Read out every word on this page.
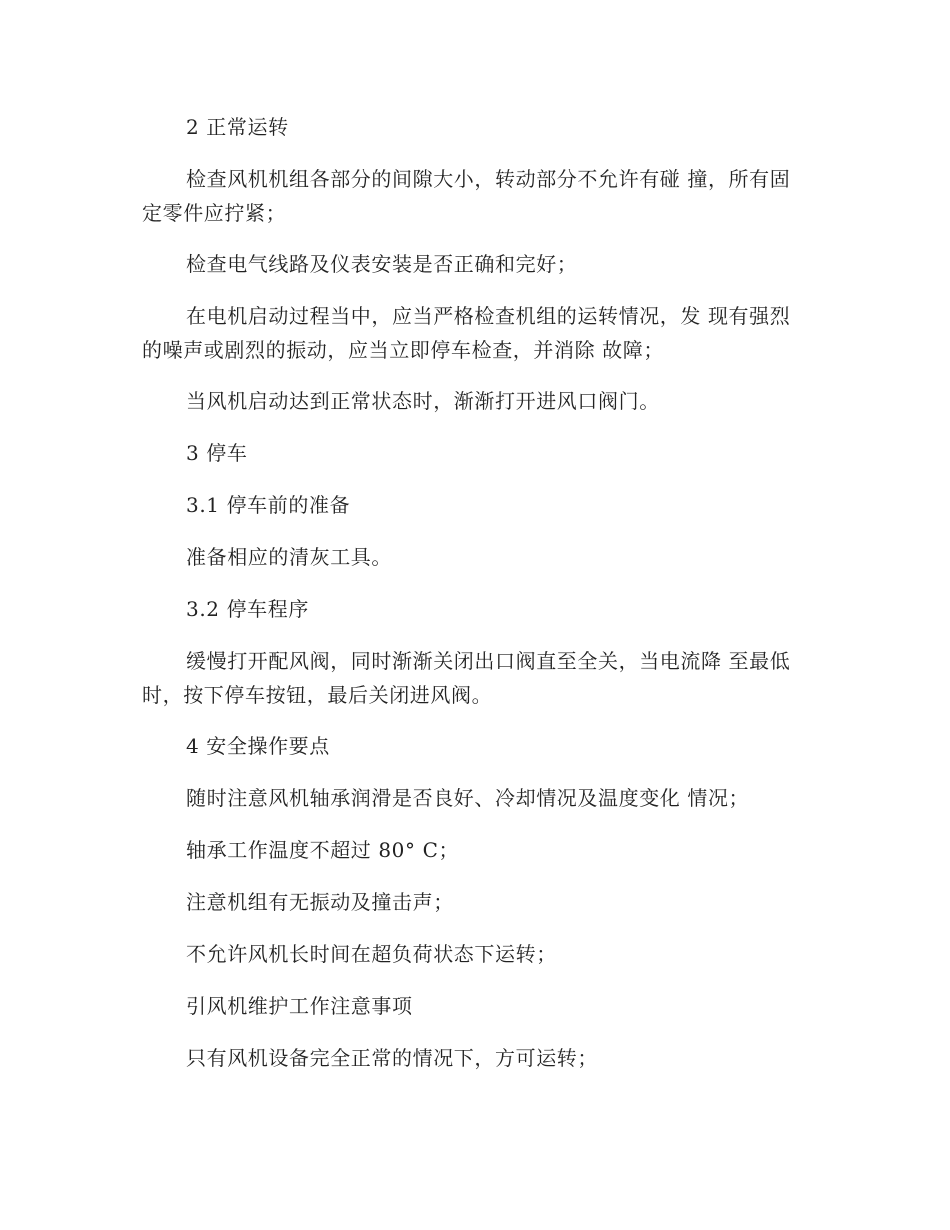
2 正常运转

检查风机机组各部分的间隙大小，转动部分不允许有碰 撞，所有固定零件应拧紧；

检查电气线路及仪表安装是否正确和完好；

在电机启动过程当中，应当严格检查机组的运转情况，发 现有强烈的噪声或剧烈的振动，应当立即停车检查，并消除 故障；

当风机启动达到正常状态时，渐渐打开进风口阀门。

3 停车

3.1 停车前的准备

准备相应的清灰工具。

3.2 停车程序

缓慢打开配风阀，同时渐渐关闭出口阀直至全关，当电流降 至最低时，按下停车按钮，最后关闭进风阀。

4 安全操作要点

随时注意风机轴承润滑是否良好、冷却情况及温度变化 情况；

轴承工作温度不超过 80° C；

注意机组有无振动及撞击声；

不允许风机长时间在超负荷状态下运转；

引风机维护工作注意事项

只有风机设备完全正常的情况下，方可运转；
